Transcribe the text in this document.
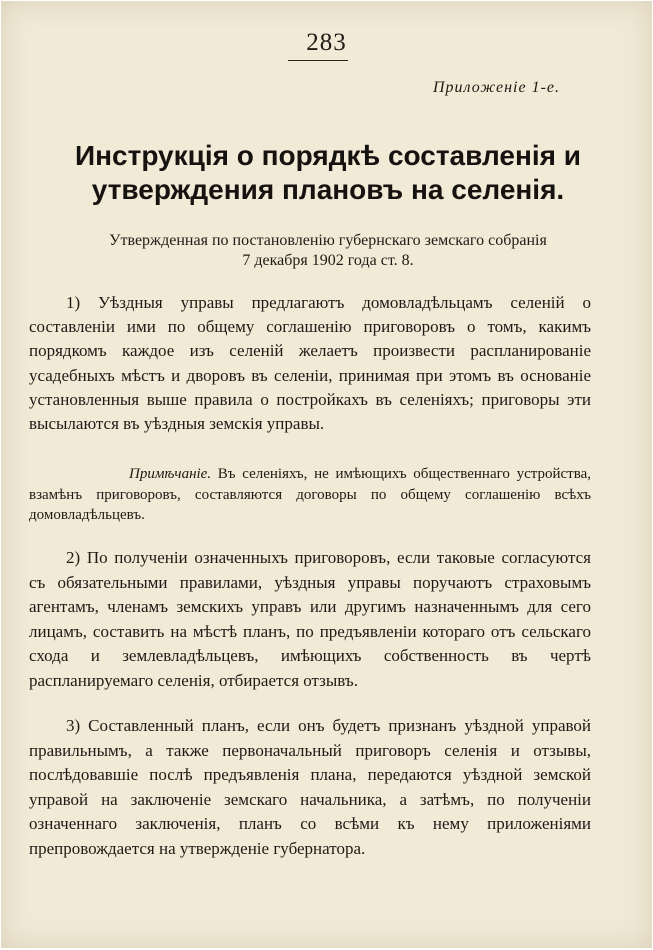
283
Приложеніе 1-е.
Инструкція о порядкѣ составленія и утверждения плановъ на селенія.
Утвержденная по постановленію губернскаго земскаго собранія
7 декабря 1902 года ст. 8.

1) Уѣздныя управы предлагаютъ домовладѣльцамъ селеній о составленіи ими по общему соглашенію приговоровъ о томъ, какимъ порядкомъ каждое изъ селеній желаетъ произвести распланированіе усадебныхъ мѣстъ и дворовъ въ селеніи, принимая при этомъ въ основаніе установленныя выше правила о постройкахъ въ селеніяхъ; приговоры эти высылаются въ уѣздныя земскія управы.

Примѣчаніе. Въ селеніяхъ, не имѣющихъ общественнаго устройства, взамѣнъ приговоровъ, составляются договоры по общему соглашенію всѣхъ домовладѣльцевъ.

2) По полученіи означенныхъ приговоровъ, если таковые согласуются съ обязательными правилами, уѣздныя управы поручаютъ страховымъ агентамъ, членамъ земскихъ управъ или другимъ назначеннымъ для сего лицамъ, составить на мѣстѣ планъ, по предъявленіи котораго отъ сельскаго схода и землевладѣльцевъ, имѣющихъ собственность въ чертѣ распланируемаго селенія, отбирается отзывъ.

3) Составленный планъ, если онъ будетъ признанъ уѣздной управой правильнымъ, а также первоначальный приговоръ селенія и отзывы, послѣдовавшіе послѣ предъявленія плана, передаются уѣздной земской управой на заключеніе земскаго начальника, а затѣмъ, по полученіи означеннаго заключенія, планъ со всѣми къ нему приложеніями препровождается на утвержденіе губернатора.
